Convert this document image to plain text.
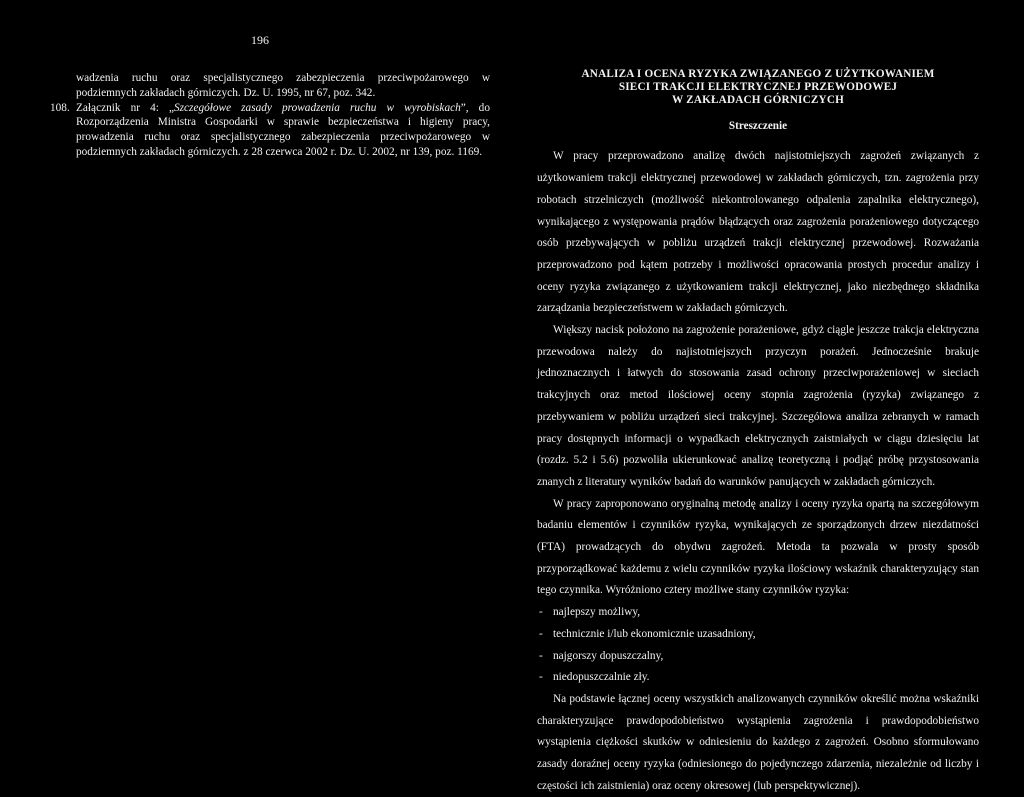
196

wadzenia ruchu oraz specjalistycznego zabezpieczenia przeciwpożarowego w podziemnych zakładach górniczych. Dz. U. 1995, nr 67, poz. 342.

108. Załącznik nr 4: „Szczegółowe zasady prowadzenia ruchu w wyrobiskach”, do Rozporządzenia Ministra Gospodarki w sprawie bezpieczeństwa i higieny pracy, prowadzenia ruchu oraz specjalistycznego zabezpieczenia przeciwpożarowego w podziemnych zakładach górniczych. z 28 czerwca 2002 r. Dz. U. 2002, nr 139, poz. 1169.

ANALIZA I OCENA RYZYKA ZWIĄZANEGO Z UŻYTKOWANIEM
SIECI TRAKCJI ELEKTRYCZNEJ PRZEWODOWEJ
W ZAKŁADACH GÓRNICZYCH
Streszczenie

W pracy przeprowadzono analizę dwóch najistotniejszych zagrożeń związanych z użytkowaniem trakcji elektrycznej przewodowej w zakładach górniczych, tzn. zagrożenia przy robotach strzelniczych (możliwość niekontrolowanego odpalenia zapalnika elektrycznego), wynikającego z występowania prądów błądzących oraz zagrożenia porażeniowego dotyczącego osób przebywających w pobliżu urządzeń trakcji elektrycznej przewodowej. Rozważania przeprowadzono pod kątem potrzeby i możliwości opracowania prostych procedur analizy i oceny ryzyka związanego z użytkowaniem trakcji elektrycznej, jako niezbędnego składnika zarządzania bezpieczeństwem w zakładach górniczych.

Większy nacisk położono na zagrożenie porażeniowe, gdyż ciągle jeszcze trakcja elektryczna przewodowa należy do najistotniejszych przyczyn porażeń. Jednocześnie brakuje jednoznacznych i łatwych do stosowania zasad ochrony przeciwporażeniowej w sieciach trakcyjnych oraz metod ilościowej oceny stopnia zagrożenia (ryzyka) związanego z przebywaniem w pobliżu urządzeń sieci trakcyjnej. Szczegółowa analiza zebranych w ramach pracy dostępnych informacji o wypadkach elektrycznych zaistniałych w ciągu dziesięciu lat (rozdz. 5.2 i 5.6) pozwoliła ukierunkować analizę teoretyczną i podjąć próbę przystosowania znanych z literatury wyników badań do warunków panujących w zakładach górniczych.

W pracy zaproponowano oryginalną metodę analizy i oceny ryzyka opartą na szczegółowym badaniu elementów i czynników ryzyka, wynikających ze sporządzonych drzew niezdatności (FTA) prowadzących do obydwu zagrożeń. Metoda ta pozwala w prosty sposób przyporządkować każdemu z wielu czynników ryzyka ilościowy wskaźnik charakteryzujący stan tego czynnika. Wyróżniono cztery możliwe stany czynników ryzyka:

- najlepszy możliwy,
- technicznie i/lub ekonomicznie uzasadniony,
- najgorszy dopuszczalny,
- niedopuszczalnie zły.

Na podstawie łącznej oceny wszystkich analizowanych czynników określić można wskaźniki charakteryzujące prawdopodobieństwo wystąpienia zagrożenia i prawdopodobieństwo wystąpienia ciężkości skutków w odniesieniu do każdego z zagrożeń. Osobno sformułowano zasady doraźnej oceny ryzyka (odniesionego do pojedynczego zdarzenia, niezależnie od liczby i częstości ich zaistnienia) oraz oceny okresowej (lub perspektywicznej).
